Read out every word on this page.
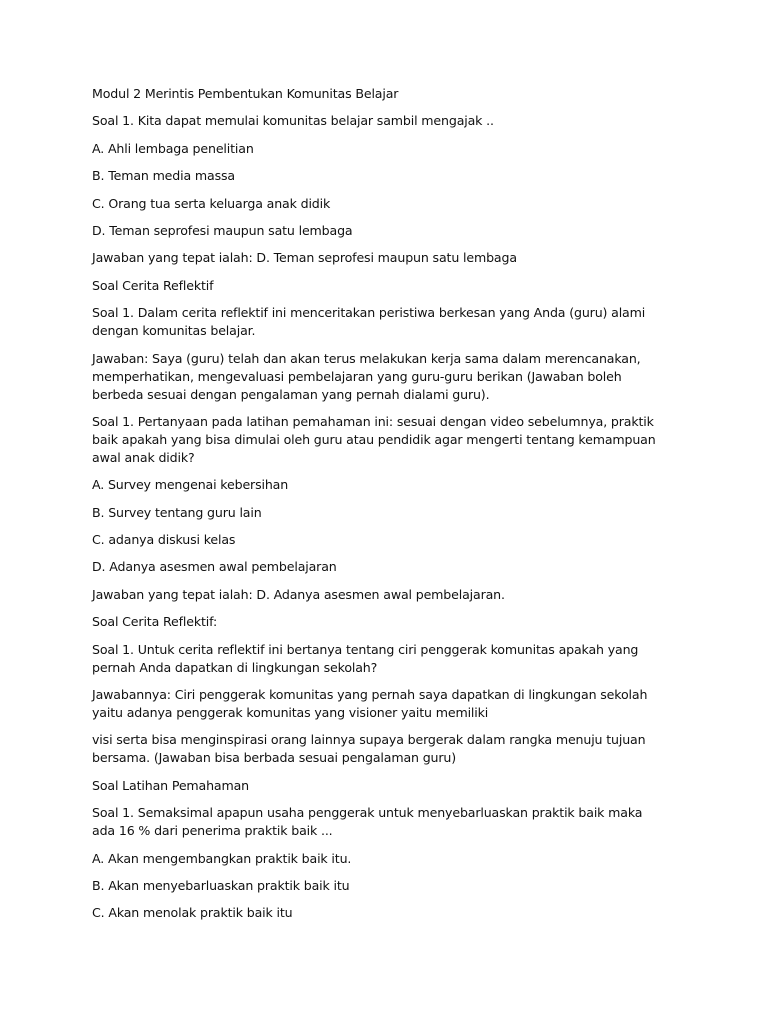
Modul 2 Merintis Pembentukan Komunitas Belajar

Soal 1. Kita dapat memulai komunitas belajar sambil mengajak ..

A. Ahli lembaga penelitian

B. Teman media massa

C. Orang tua serta keluarga anak didik

D. Teman seprofesi maupun satu lembaga

Jawaban yang tepat ialah: D. Teman seprofesi maupun satu lembaga

Soal Cerita Reflektif

Soal 1. Dalam cerita reflektif ini menceritakan peristiwa berkesan yang Anda (guru) alami dengan komunitas belajar.

Jawaban: Saya (guru) telah dan akan terus melakukan kerja sama dalam merencanakan, memperhatikan, mengevaluasi pembelajaran yang guru-guru berikan (Jawaban boleh berbeda sesuai dengan pengalaman yang pernah dialami guru).

Soal 1. Pertanyaan pada latihan pemahaman ini: sesuai dengan video sebelumnya, praktik baik apakah yang bisa dimulai oleh guru atau pendidik agar mengerti tentang kemampuan awal anak didik?

A. Survey mengenai kebersihan

B. Survey tentang guru lain

C. adanya diskusi kelas

D. Adanya asesmen awal pembelajaran

Jawaban yang tepat ialah: D. Adanya asesmen awal pembelajaran.

Soal Cerita Reflektif:

Soal 1. Untuk cerita reflektif ini bertanya tentang ciri penggerak komunitas apakah yang pernah Anda dapatkan di lingkungan sekolah?

Jawabannya: Ciri penggerak komunitas yang pernah saya dapatkan di lingkungan sekolah yaitu adanya penggerak komunitas yang visioner yaitu memiliki

visi serta bisa menginspirasi orang lainnya supaya bergerak dalam rangka menuju tujuan bersama. (Jawaban bisa berbada sesuai pengalaman guru)

Soal Latihan Pemahaman

Soal 1. Semaksimal apapun usaha penggerak untuk menyebarluaskan praktik baik maka ada 16 % dari penerima praktik baik ...

A. Akan mengembangkan praktik baik itu.

B. Akan menyebarluaskan praktik baik itu

C. Akan menolak praktik baik itu
